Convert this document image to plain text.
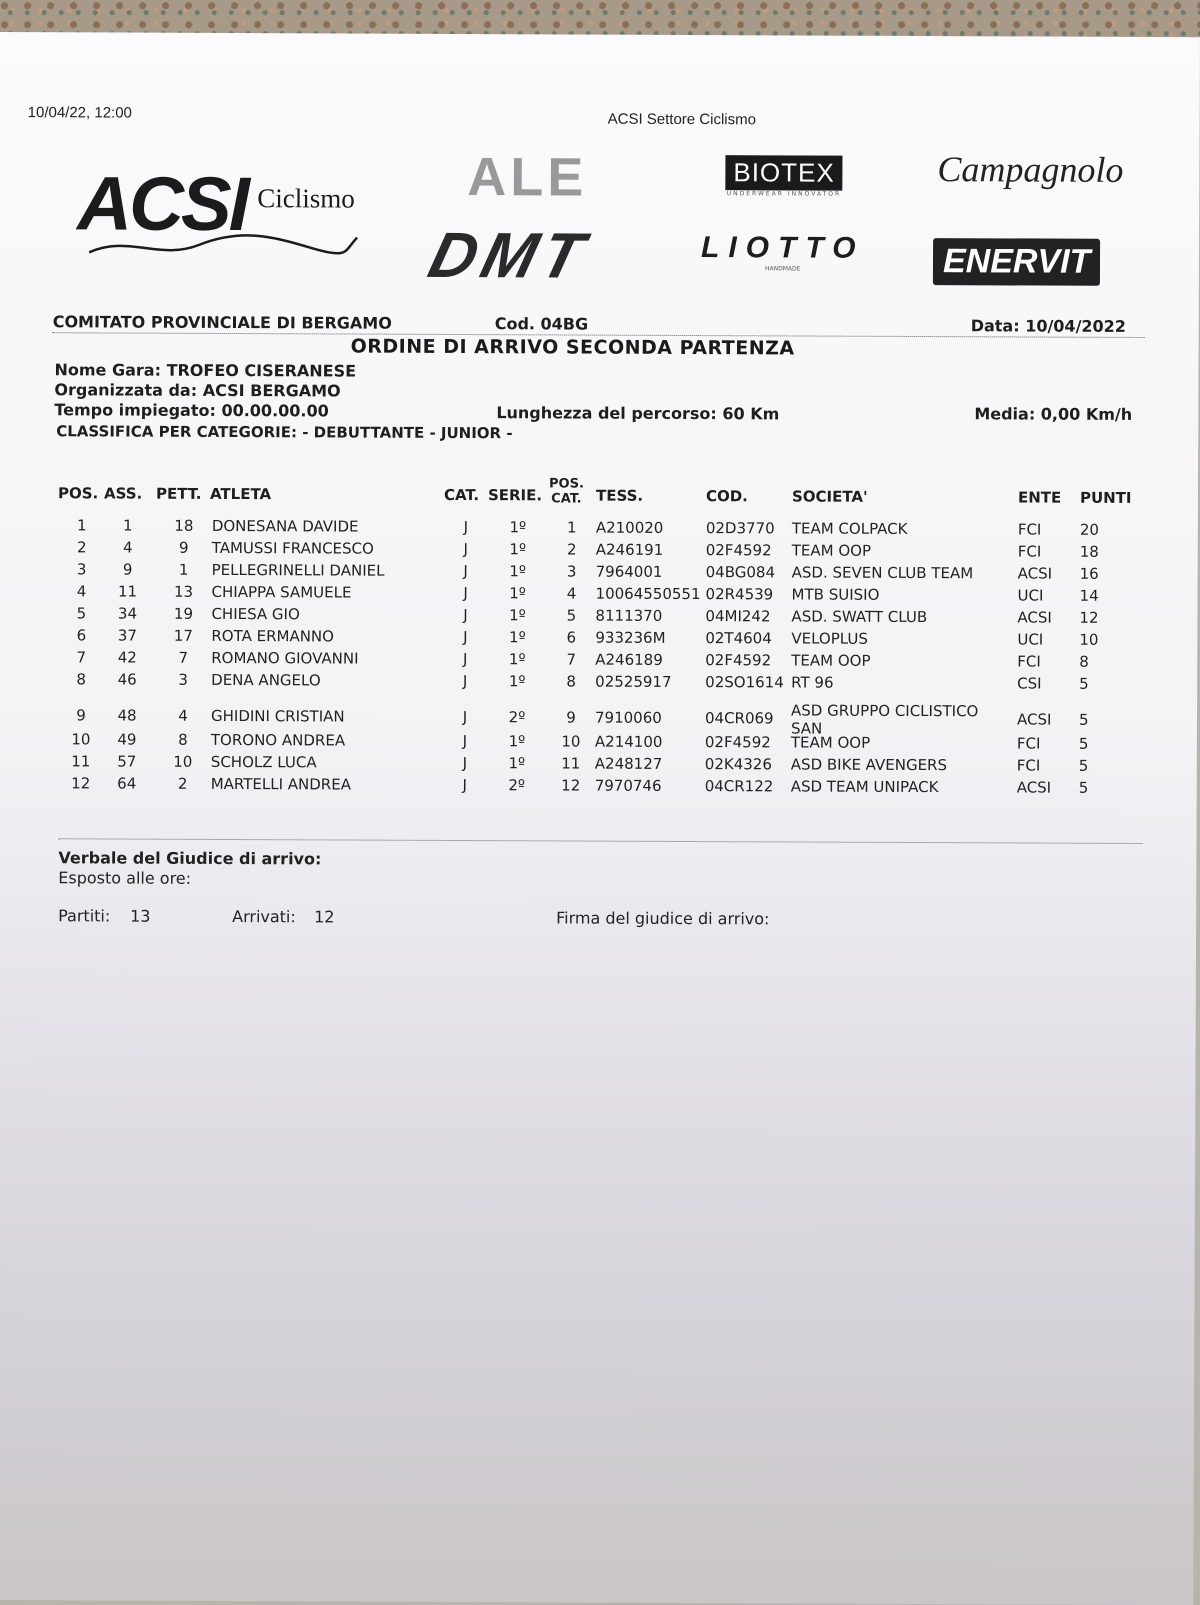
10/04/22, 12:00	ACSI Settore Ciclismo
ACSI Ciclismo ALE	BIOTEX
UNDERWEAR INNOVATOR
Campagnolo
DMT	LIOTTO
HANDMADE	ENERVIT
COMITATO PROVINCIALE DI BERGAMO	Cod. 04BG	Data: 10/04/2022
ORDINE DI ARRIVO SECONDA PARTENZA
Nome Gara: TROFEO CISERANESE
Organizzata da: ACSI BERGAMO
Tempo impiegato: 00.00.00.00	Lunghezza del percorso: 60 Km	Media: 0,00 Km/h
CLASSIFICA PER CATEGORIE: - DEBUTTANTE - JUNIOR -
POS. ASS. PETT. ATLETA	CAT. SERIE.
POS.
CAT. TESS.	COD.	SOCIETA'	ENTE PUNTI
1	1	18	DONESANA DAVIDE	J	1º	1	A210020	02D3770 TEAM COLPACK	FCI	20
2	4	9	TAMUSSI FRANCESCO	J	1º	2	A246191	02F4592 TEAM OOP	FCI	18
3	9	1	PELLEGRINELLI DANIEL	J	1º	3	7964001	04BG084 ASD. SEVEN CLUB TEAM	ACSI 16
4	11	13	CHIAPPA SAMUELE	J	1º	4	10064550551 02R4539 MTB SUISIO	UCI 14
5	34	19	CHIESA GIO	J	1º	5	8111370	04MI242 ASD. SWATT CLUB	ACSI 12
6	37	17	ROTA ERMANNO	J	1º	6	933236M	02T4604 VELOPLUS	UCI 10
7	42	7	ROMANO GIOVANNI	J	1º	7	A246189	02F4592 TEAM OOP	FCI	8
8	46	3	DENA ANGELO	J	1º	8	02525917 02SO1614 RT 96	CSI 5
9	48	4	GHIDINI CRISTIAN	J	2º	9	7910060	04CR069 ASD GRUPPO CICLISTICO
SAN	ACSI 5
10	49	8	TORONO ANDREA	J	1º	10 A214100	02F4592 TEAM OOP	FCI	5
11	57	10	SCHOLZ LUCA	J	1º	11 A248127	02K4326 ASD BIKE AVENGERS	FCI	5
12	64	2	MARTELLI ANDREA	J	2º	12 7970746	04CR122 ASD TEAM UNIPACK	ACSI 5
Verbale del Giudice di arrivo:
Esposto alle ore:
Partiti: 13	Arrivati: 12	Firma del giudice di arrivo:
